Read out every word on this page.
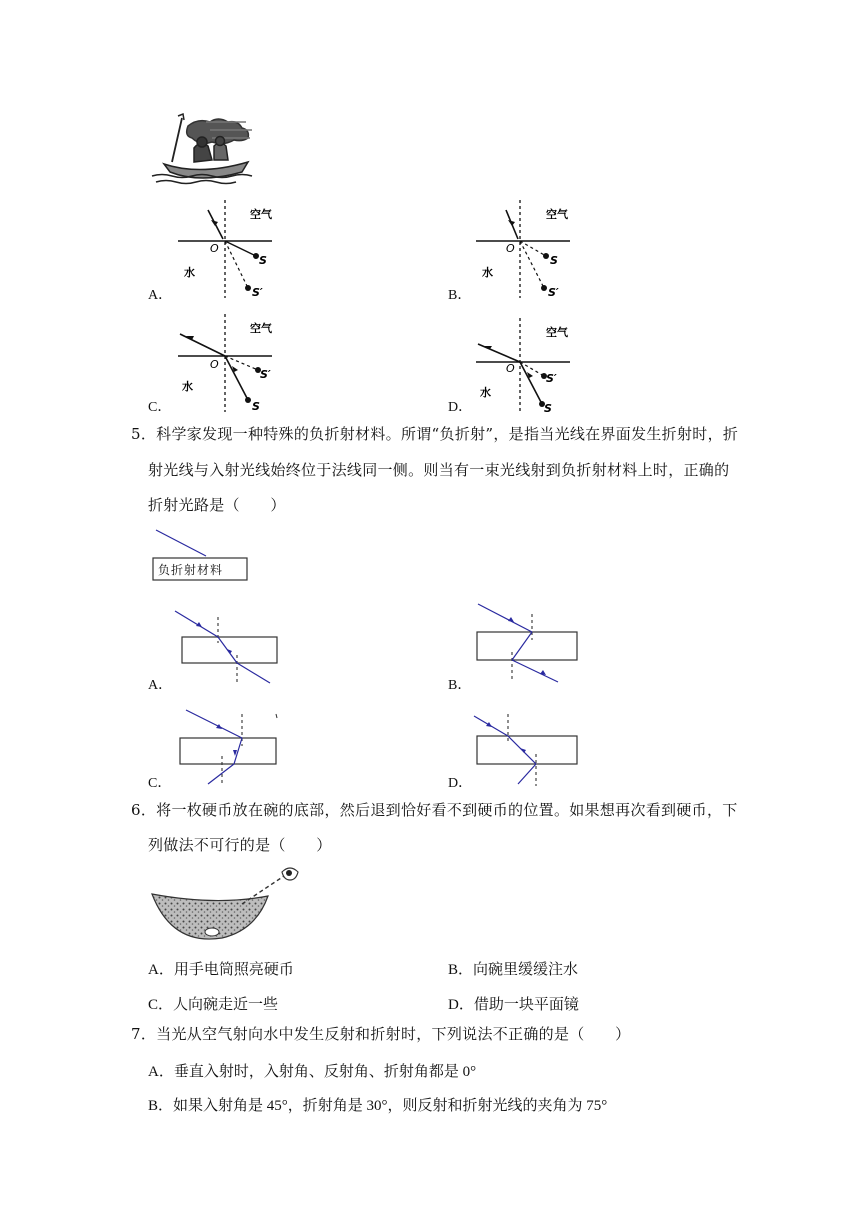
A．
空气
O
水
S
S′	B．
空气
O
水
S
S′
C．
空气
O
水
S′
S	D．
空气
O
水
S′
S
5．科学家发现一种特殊的负折射材料。所谓“负折射”，是指当光线在界面发生折射时，折
射光线与入射光线始终位于法线同一侧。则当有一束光线射到负折射材料上时，正确的
折射光路是（　　）
负折射材料
A．	B．
C．	D．
6．将一枚硬币放在碗的底部，然后退到恰好看不到硬币的位置。如果想再次看到硬币，下
列做法不可行的是（　　）
A．用手电筒照亮硬币	B．向碗里缓缓注水
C．人向碗走近一些	D．借助一块平面镜
7．当光从空气射向水中发生反射和折射时，下列说法不正确的是（　　）
A．垂直入射时，入射角、反射角、折射角都是 0°
B．如果入射角是 45°，折射角是 30°，则反射和折射光线的夹角为 75°
